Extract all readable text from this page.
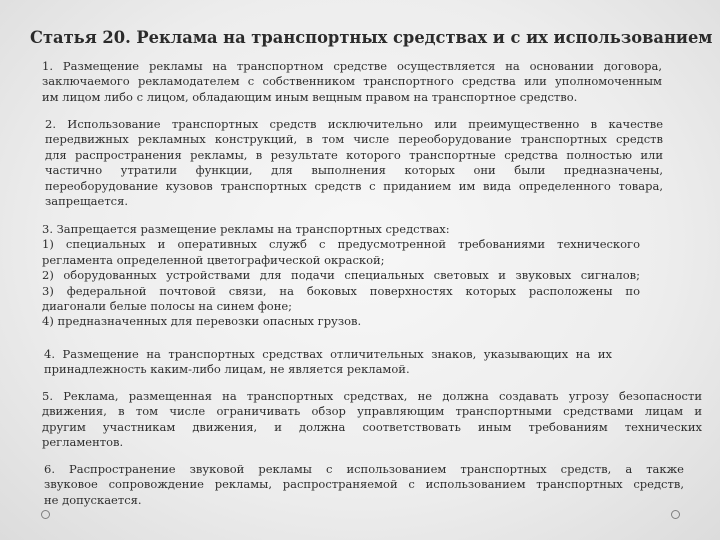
Статья 20. Реклама на транспортных средствах и с их использованием
1. Размещение рекламы на транспортном средстве осуществляется на основании договора,
заключаемого рекламодателем с собственником транспортного средства или уполномоченным
им лицом либо с лицом, обладающим иным вещным правом на транспортное средство.
2. Использование транспортных средств исключительно или преимущественно в качестве
передвижных рекламных конструкций, в том числе переоборудование транспортных средств
для распространения рекламы, в результате которого транспортные средства полностью или
частично утратили функции, для выполнения которых они были предназначены,
переоборудование кузовов транспортных средств с приданием им вида определенного товара,
запрещается.
3. Запрещается размещение рекламы на транспортных средствах:
1) специальных и оперативных служб с предусмотренной требованиями технического
регламента определенной цветографической окраской;
2) оборудованных устройствами для подачи специальных световых и звуковых сигналов;
3) федеральной почтовой связи, на боковых поверхностях которых расположены по
диагонали белые полосы на синем фоне;
4) предназначенных для перевозки опасных грузов.
4. Размещение на транспортных средствах отличительных знаков, указывающих на их
принадлежность каким-либо лицам, не является рекламой.
5. Реклама, размещенная на транспортных средствах, не должна создавать угрозу безопасности
движения, в том числе ограничивать обзор управляющим транспортными средствами лицам и
другим участникам движения, и должна соответствовать иным требованиям технических
регламентов.
6. Распространение звуковой рекламы с использованием транспортных средств, а также
звуковое сопровождение рекламы, распространяемой с использованием транспортных средств,
не допускается.
